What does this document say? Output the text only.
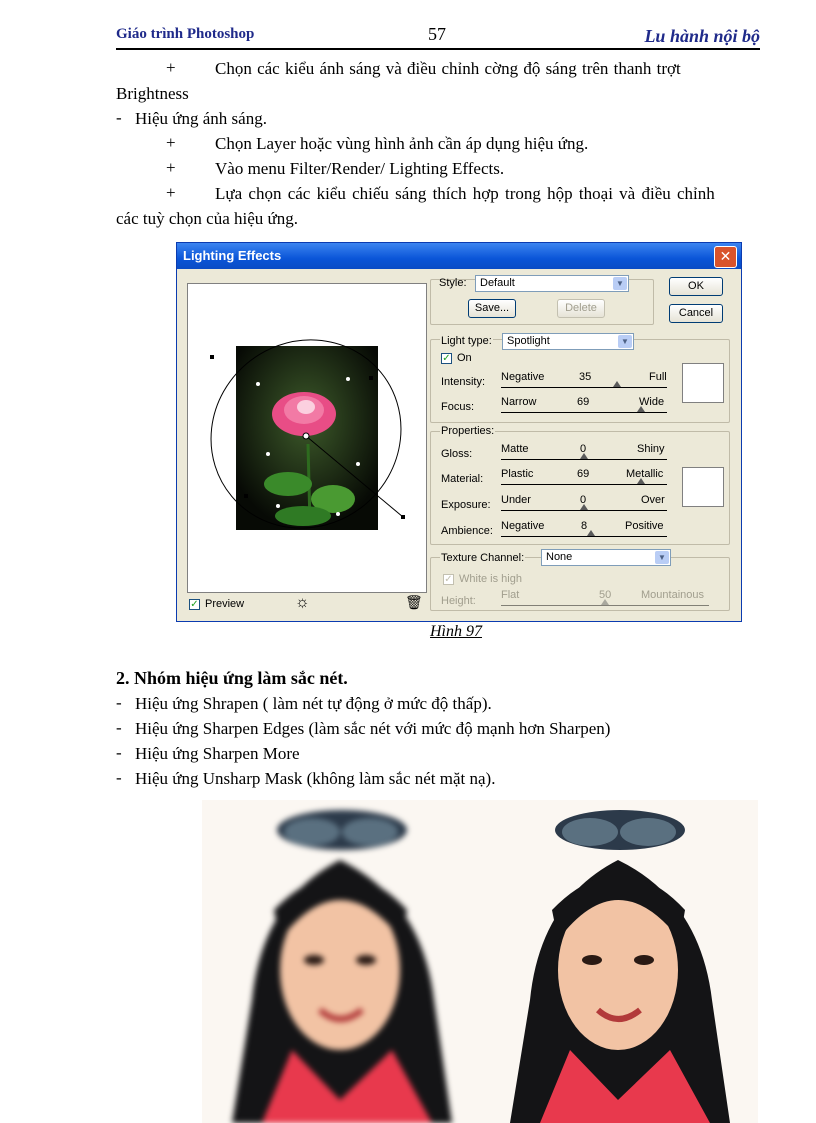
Giáo trình Photoshop	57	Lu hành nội bộ
+ Chọn các kiểu ánh sáng và điều chỉnh cờng độ sáng trên thanh trợt
Brightness
- Hiệu ứng ánh sáng.
+ Chọn Layer hoặc vùng hình ảnh cần áp dụng hiệu ứng.
+ Vào menu Filter/Render/ Lighting Effects.
+ Lựa chọn các kiểu chiếu sáng thích hợp trong hộp thoại và điều chỉnh
các tuỳ chọn của hiệu ứng.
Lighting Effects	✕
✓ Preview	☼	🗑
Style:	Default	▼
Save...	Delete
OK
Cancel
Light type:	Spotlight	▼
✓ On
Intensity: Negative	35	Full
Focus: Narrow	69	Wide
Properties:
Gloss:	Matte	0	Shiny
Material: Plastic	69	Metallic
Exposure: Under	0	Over
Ambience: Negative	8	Positive
Texture Channel:	None	▼
✓ White is high
Height: Flat	50	Mountainous
Hình 97
2. Nhóm hiệu ứng làm sắc nét.
- Hiệu ứng Shrapen ( làm nét tự động ở mức độ thấp).
- Hiệu ứng Sharpen Edges (làm sắc nét với mức độ mạnh hơn Sharpen)
- Hiệu ứng Sharpen More
- Hiệu ứng Unsharp Mask (không làm sắc nét mặt nạ).
